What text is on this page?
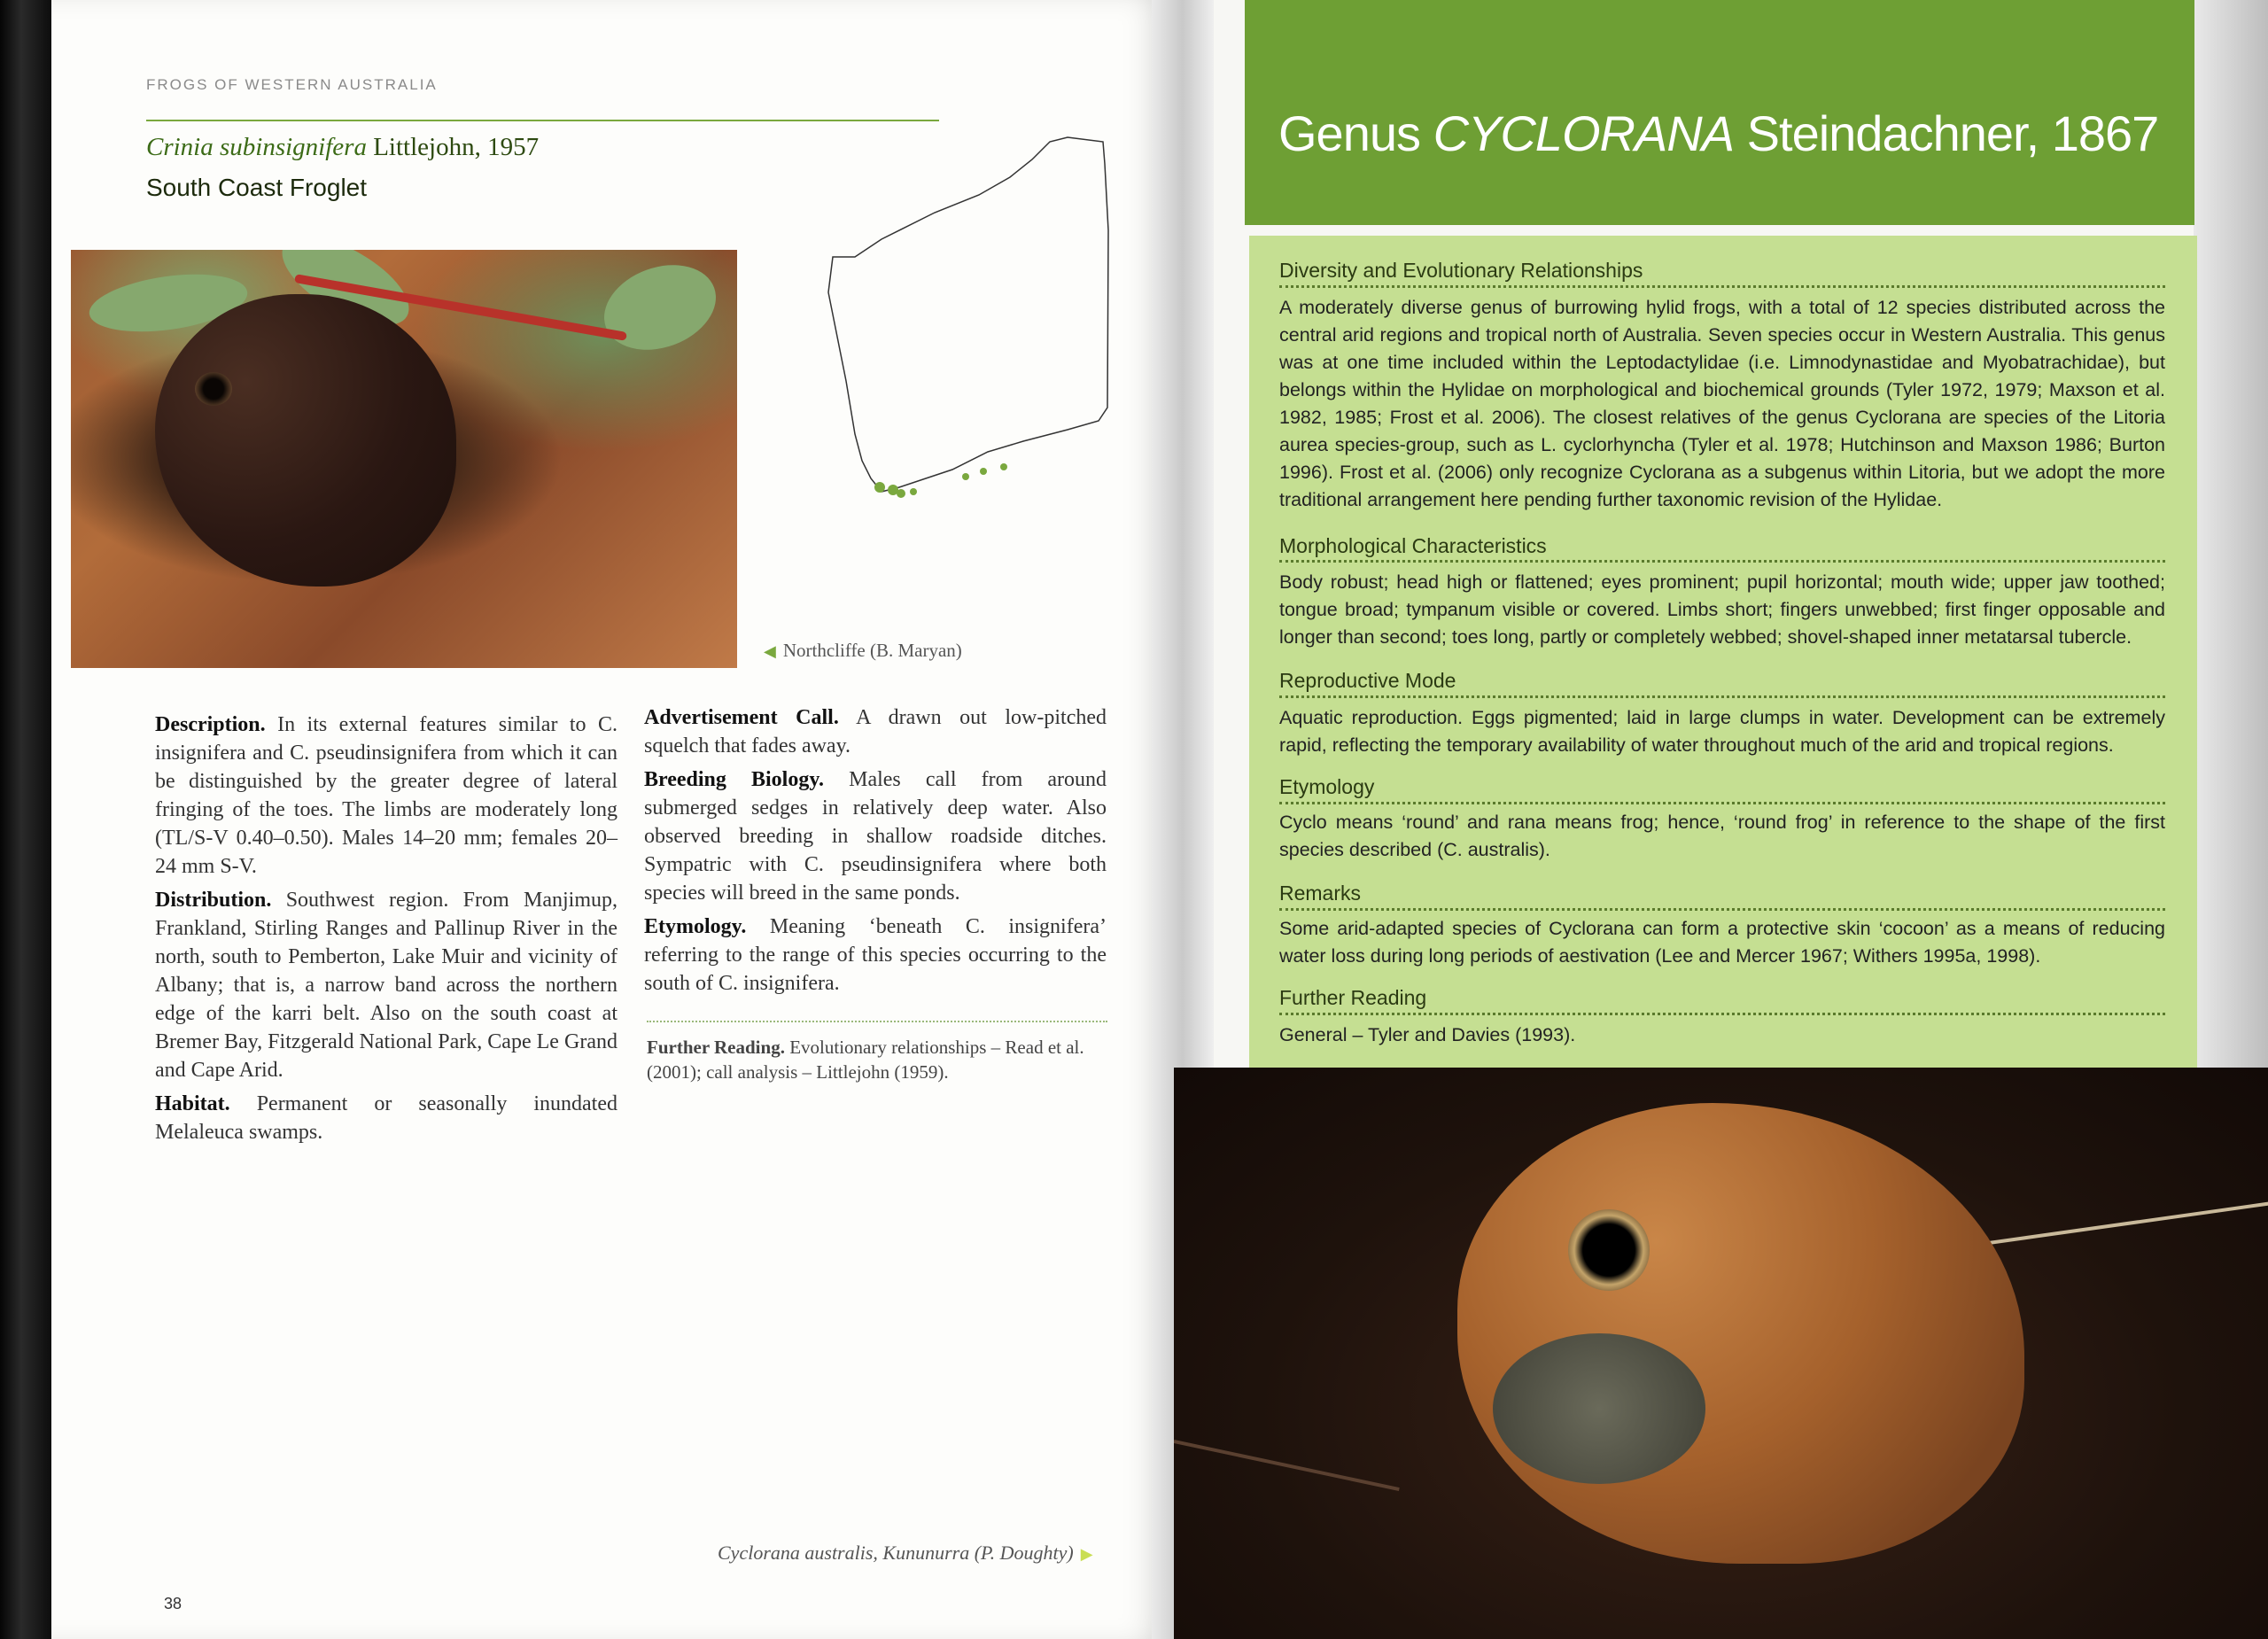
FROGS OF WESTERN AUSTRALIA
Crinia subinsignifera Littlejohn, 1957
South Coast Froglet
◀ Northcliffe (B. Maryan)

Description. In its external features similar to C. insignifera and C. pseudinsignifera from which it can be distinguished by the greater degree of lateral fringing of the toes. The limbs are moderately long (TL/S-V 0.40–0.50). Males 14–20 mm; females 20–24 mm S-V.

Distribution. Southwest region. From Manjimup, Frankland, Stirling Ranges and Pallinup River in the north, south to Pemberton, Lake Muir and vicinity of Albany; that is, a narrow band across the northern edge of the karri belt. Also on the south coast at Bremer Bay, Fitzgerald National Park, Cape Le Grand and Cape Arid.

Habitat. Permanent or seasonally inundated Melaleuca swamps.

Advertisement Call. A drawn out low-pitched squelch that fades away.

Breeding Biology. Males call from around submerged sedges in relatively deep water. Also observed breeding in shallow roadside ditches. Sympatric with C. pseudinsignifera where both species will breed in the same ponds.

Etymology. Meaning ‘beneath C. insignifera’ referring to the range of this species occurring to the south of C. insignifera.

Further Reading. Evolutionary relationships – Read et al. (2001); call analysis – Littlejohn (1959).
Cyclorana australis, Kununurra (P. Doughty) ▶
38
Genus CYCLORANA Steindachner, 1867
Diversity and Evolutionary Relationships
A moderately diverse genus of burrowing hylid frogs, with a total of 12 species distributed across the central arid regions and tropical north of Australia. Seven species occur in Western Australia. This genus was at one time included within the Leptodactylidae (i.e. Limnodynastidae and Myobatrachidae), but belongs within the Hylidae on morphological and biochemical grounds (Tyler 1972, 1979; Maxson et al. 1982, 1985; Frost et al. 2006). The closest relatives of the genus Cyclorana are species of the Litoria aurea species-group, such as L. cyclorhyncha (Tyler et al. 1978; Hutchinson and Maxson 1986; Burton 1996). Frost et al. (2006) only recognize Cyclorana as a subgenus within Litoria, but we adopt the more traditional arrangement here pending further taxonomic revision of the Hylidae.
Morphological Characteristics
Body robust; head high or flattened; eyes prominent; pupil horizontal; mouth wide; upper jaw toothed; tongue broad; tympanum visible or covered. Limbs short; fingers unwebbed; first finger opposable and longer than second; toes long, partly or completely webbed; shovel-shaped inner metatarsal tubercle.
Reproductive Mode
Aquatic reproduction. Eggs pigmented; laid in large clumps in water. Development can be extremely rapid, reflecting the temporary availability of water throughout much of the arid and tropical regions.
Etymology
Cyclo means ‘round’ and rana means frog; hence, ‘round frog’ in reference to the shape of the first species described (C. australis).
Remarks
Some arid-adapted species of Cyclorana can form a protective skin ‘cocoon’ as a means of reducing water loss during long periods of aestivation (Lee and Mercer 1967; Withers 1995a, 1998).
Further Reading
General – Tyler and Davies (1993).
